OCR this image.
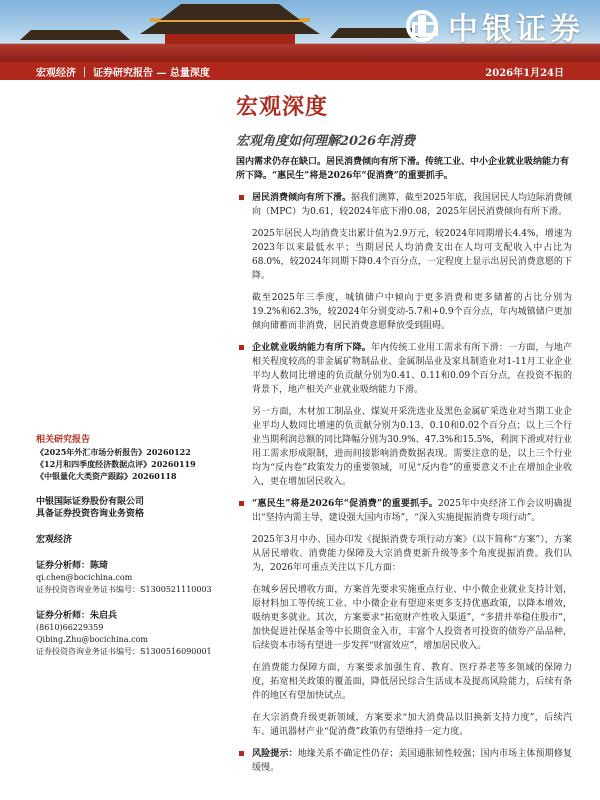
中银证券
宏观经济 ｜ 证券研究报告 — 总量深度	2026年1月24日
宏观深度
宏观角度如何理解2026年消费
国内需求仍存在缺口。居民消费倾向有所下滑。传统工业、中小企业就业吸纳能力有所下降。“惠民生”将是2026年“促消费”的重要抓手。
居民消费倾向有所下滑。据我们测算，截至2025年底，我国居民人均边际消费倾向（MPC）为0.61，较2024年底下滑0.08，2025年居民消费倾向有所下滑。
2025年居民人均消费支出累计值为2.9万元，较2024年同期增长4.4%，增速为2023年以来最低水平；当期居民人均消费支出在人均可支配收入中占比为68.0%，较2024年同期下降0.4个百分点，一定程度上显示出居民消费意愿的下降。
截至2025年三季度，城镇储户中倾向于更多消费和更多储蓄的占比分别为19.2%和62.3%，较2024年分别变动-5.7和+0.9个百分点，年内城镇储户更加倾向储蓄而非消费，居民消费意愿释放受到阻碍。
企业就业吸纳能力有所下降。年内传统工业用工需求有所下滑：一方面，与地产相关程度较高的非金属矿物制品业、金属制品业及家具制造业对1-11月工业企业平均人数同比增速的负贡献分别为0.41、0.11和0.09个百分点，在投资不振的背景下，地产相关产业就业吸纳能力下滑。
另一方面，木材加工制品业、煤炭开采洗选业及黑色金属矿采选业对当期工业企业平均人数同比增速的负贡献分别为0.13、0.10和0.02个百分点；以上三个行业当期利润总额的同比降幅分别为30.9%、47.3%和15.5%，利润下滑或对行业用工需求形成限制，进而间接影响消费数据表现。需要注意的是，以上三个行业均为“反内卷”政策发力的重要领域，可见“反内卷”的重要意义不止在增加企业收入，更在增加居民收入。
“惠民生”将是2026年“促消费”的重要抓手。2025年中央经济工作会议明确提出“坚持内需主导，建设强大国内市场”，“深入实施提振消费专项行动”。
2025年3月中办、国办印发《提振消费专项行动方案》（以下简称“方案”），方案从居民增收、消费能力保障及大宗消费更新升级等多个角度提振消费。我们认为，2026年可重点关注以下几方面：
在城乡居民增收方面，方案首先要求实施重点行业、中小微企业就业支持计划，原材料加工等传统工业、中小微企业有望迎来更多支持优惠政策，以降本增效，吸纳更多就业。其次，方案要求“拓宽财产性收入渠道”，“多措并举稳住股市”，加快促进社保基金等中长期资金入市，丰富个人投资者可投资的债券产品品种，后续资本市场有望进一步发挥“财富效应”，增加居民收入。
在消费能力保障方面，方案要求加强生育、教育、医疗养老等多领域的保障力度，拓宽相关政策的覆盖面，降低居民综合生活成本及提高风险能力，后续有条件的地区有望加快试点。
在大宗消费升级更新领域，方案要求“加大消费品以旧换新支持力度”，后续汽车、通讯器材产业“促消费”政策仍有望维持一定力度。
风险提示：地缘关系不确定性仍存；美国通胀韧性较强；国内市场主体预期修复缓慢。
相关研究报告
《2025年外汇市场分析报告》20260122
《12月和四季度经济数据点评》20260119
《中银量化大类资产跟踪》20260118
中银国际证券股份有限公司
具备证券投资咨询业务资格
宏观经济
证券分析师：陈琦
qi.chen@bocichina.com
证券投资咨询业务证书编号：S1300521110003
证券分析师：朱启兵
(8610)66229359
Qibing.Zhu@bocichina.com
证券投资咨询业务证书编号：S1300516090001
